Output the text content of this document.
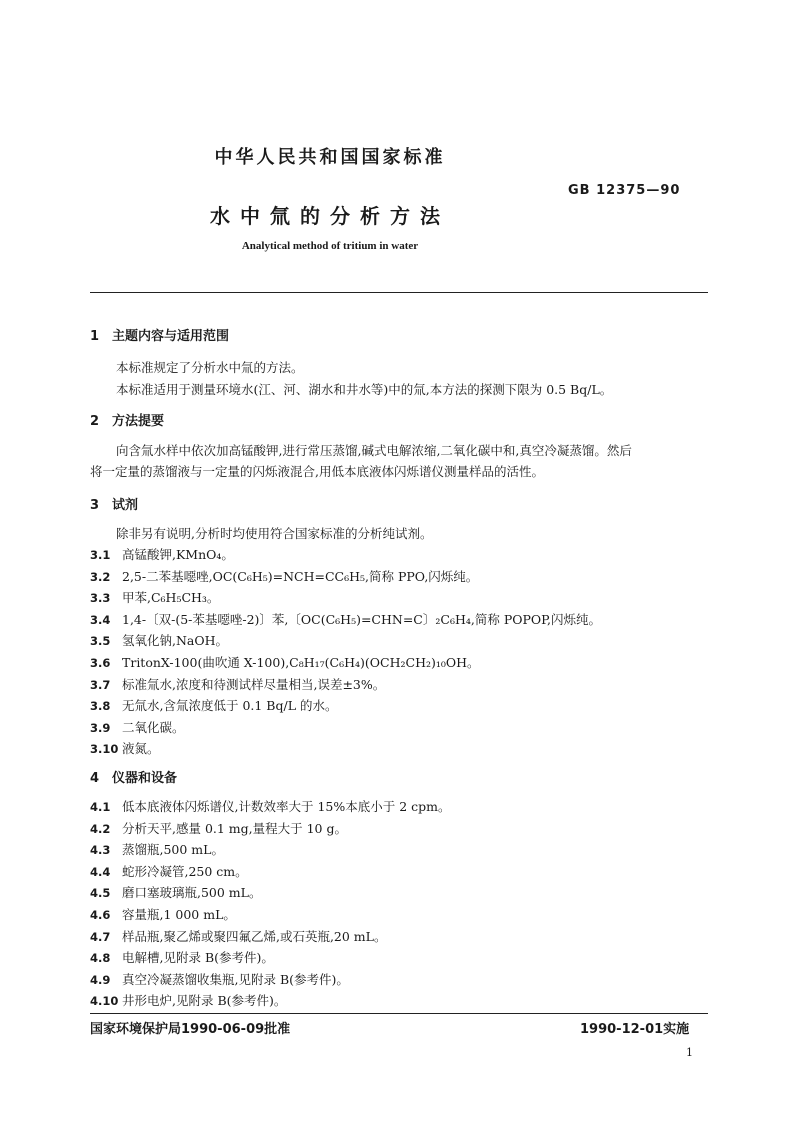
中华人民共和国国家标准
GB 12375—90
水中氚的分析方法
Analytical method of tritium in water
1 主题内容与适用范围
本标准规定了分析水中氚的方法。
本标准适用于测量环境水(江、河、湖水和井水等)中的氚,本方法的探测下限为 0.5 Bq/L。
2 方法提要
向含氚水样中依次加高锰酸钾,进行常压蒸馏,碱式电解浓缩,二氧化碳中和,真空冷凝蒸馏。然后
将一定量的蒸馏液与一定量的闪烁液混合,用低本底液体闪烁谱仪测量样品的活性。
3 试剂
除非另有说明,分析时均使用符合国家标准的分析纯试剂。
3.1 高锰酸钾,KMnO₄。
3.2 2,5-二苯基噁唑,OC(C₆H₅)=NCH=CC₆H₅,简称 PPO,闪烁纯。
3.3 甲苯,C₆H₅CH₃。
3.4 1,4-〔双-(5-苯基噁唑-2)〕苯,〔OC(C₆H₅)=CHN=C〕₂C₆H₄,简称 POPOP,闪烁纯。
3.5 氢氧化钠,NaOH。
3.6 TritonX-100(曲吹通 X-100),C₈H₁₇(C₆H₄)(OCH₂CH₂)₁₀OH。
3.7 标准氚水,浓度和待测试样尽量相当,误差±3%。
3.8 无氚水,含氚浓度低于 0.1 Bq/L 的水。
3.9 二氧化碳。
3.10 液氮。
4 仪器和设备
4.1 低本底液体闪烁谱仪,计数效率大于 15%本底小于 2 cpm。
4.2 分析天平,感量 0.1 mg,量程大于 10 g。
4.3 蒸馏瓶,500 mL。
4.4 蛇形冷凝管,250 cm。
4.5 磨口塞玻璃瓶,500 mL。
4.6 容量瓶,1 000 mL。
4.7 样品瓶,聚乙烯或聚四氟乙烯,或石英瓶,20 mL。
4.8 电解槽,见附录 B(参考件)。
4.9 真空冷凝蒸馏收集瓶,见附录 B(参考件)。
4.10 井形电炉,见附录 B(参考件)。
国家环境保护局1990-06-09批准	1990-12-01实施
1
